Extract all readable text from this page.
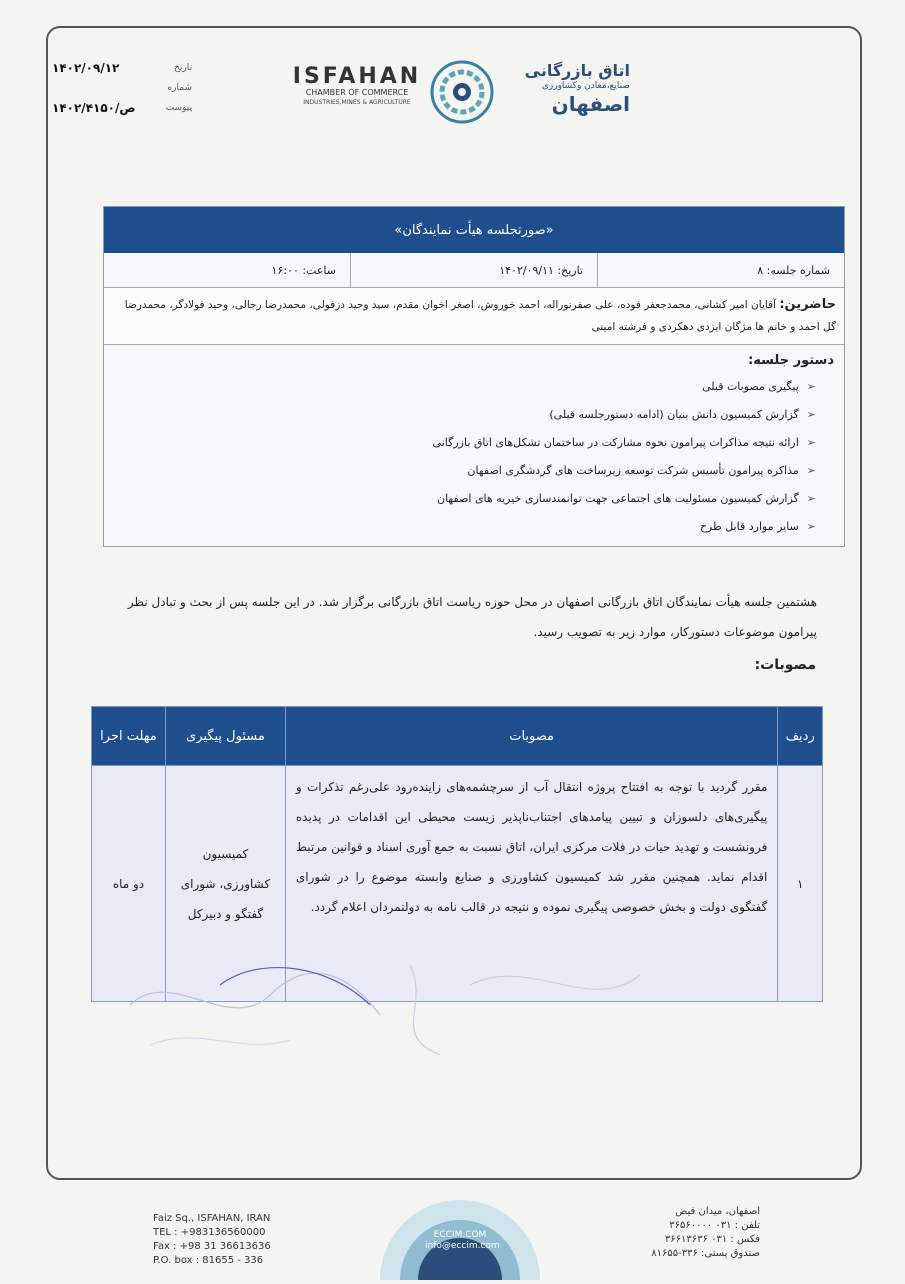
۱۴۰۲/۰۹/۱۲	تاریخ
شماره
۱۴۰۲/ص/۴۱۵۰	پیوست
ISFAHAN
CHAMBER OF COMMERCE
INDUSTRIES,MINES & AGRICULTURE
اتاق بازرگانی
صنایع،معادن وکشاورزی
اصفهان
«صورتجلسه هیأت نمایندگان»
شماره جلسه: ۸
تاریخ: ۱۴۰۲/۰۹/۱۱
ساعت: ۱۶:۰۰
حاضرین: آقایان امیر کشانی، محمدجعفر فوده، علی صفرنوراله، احمد خوروش، اصغر اخوان مقدم، سید وحید دزفولی، محمدرضا رجالی، وحید فولادگر، محمدرضا گل احمد و خانم ها مژگان ایزدی دهکردی و فرشته امینی
دستور جلسه:
➢
پیگیری مصوبات قبلی
➢
گزارش کمیسیون دانش بنیان (ادامه دستورجلسه قبلی)
➢
ارائه نتیجه مذاکرات پیرامون نحوه مشارکت در ساختمان تشکل‌های اتاق بازرگانی
➢
مذاکره پیرامون تأسیس شرکت توسعه زیرساخت های گردشگری اصفهان
➢
گزارش کمیسیون مسئولیت های اجتماعی جهت توانمندسازی خیریه های اصفهان
➢
سایر موارد قابل طرح
هشتمین جلسه هیأت نمایندگان اتاق بازرگانی اصفهان در محل حوزه ریاست اتاق بازرگانی برگزار شد. در این جلسه پس از بحث و تبادل نظر پیرامون موضوعات دستورکار، موارد زیر به تصویب رسید.
مصوبات:
ردیف	مصوبات	مسئول پیگیری	مهلت اجرا
۱	مقرر گردید با توجه به افتتاح پروژه انتقال آب از سرچشمه‌های زاینده‌رود علی‌رغم تذکرات و پیگیری‌های دلسوزان و تبیین پیامدهای اجتناب‌ناپذیر زیست محیطی این اقدامات در پدیده فرونشست و تهدید حیات در فلات مرکزی ایران، اتاق نسبت به جمع آوری اسناد و قوانین مرتبط اقدام نماید. همچنین مقرر شد کمیسیون کشاورزی و صنایع وابسته موضوع را در شورای گفتگوی دولت و بخش خصوصی پیگیری نموده و نتیجه در قالب نامه به دولتمردان اعلام گردد.	کمیسیون کشاورزی، شورای گفتگو و دبیرکل	دو ماه
Faiz Sq., ISFAHAN, IRAN
TEL : +983136560000
Fax : +98 31 36613636
P.O. box : 81655 - 336
ECCIM.COM
info@eccim.com
اصفهان، میدان فیض
تلفن : ۰۳۱ ۳۶۵۶۰۰۰۰
فکس : ۰۳۱ ۳۶۶۱۳۶۳۶
صندوق پستی: ۳۳۶-۸۱۶۵۵
